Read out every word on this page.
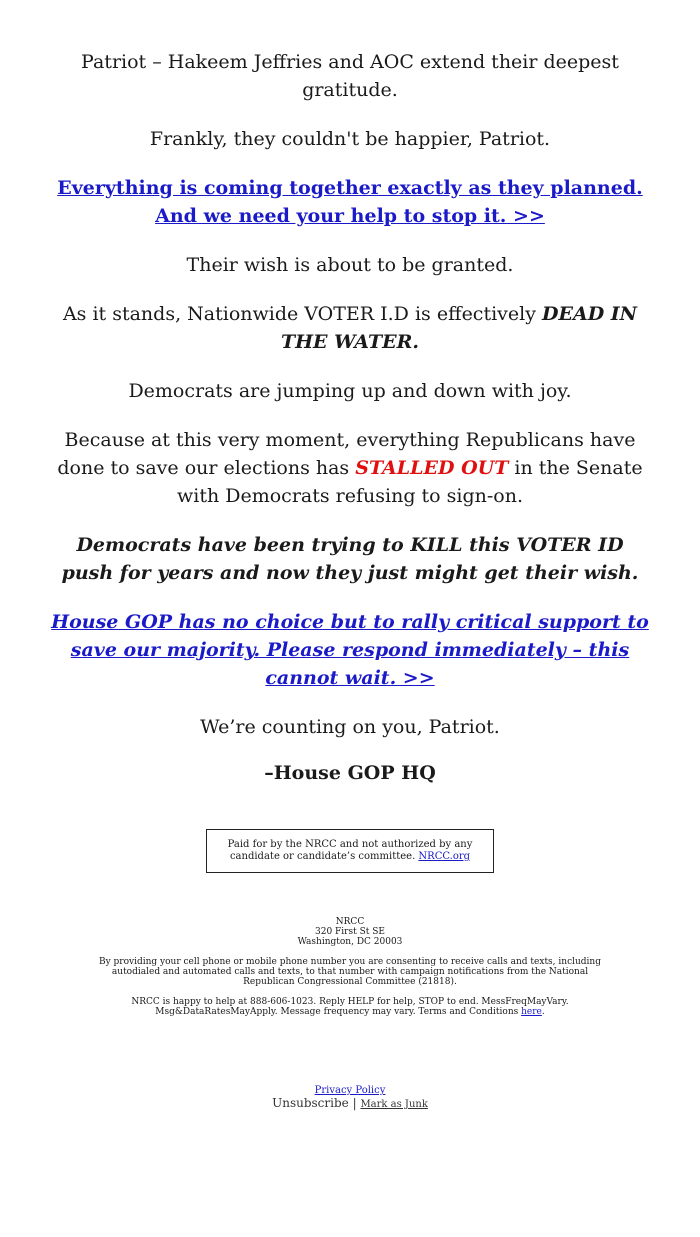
Patriot – Hakeem Jeffries and AOC extend their deepest gratitude.

Frankly, they couldn't be happier, Patriot.

Everything is coming together exactly as they planned. And we need your help to stop it. >>

Their wish is about to be granted.

As it stands, Nationwide VOTER I.D is effectively DEAD IN THE WATER.

Democrats are jumping up and down with joy.

Because at this very moment, everything Republicans have done to save our elections has STALLED OUT in the Senate with Democrats refusing to sign-on.

Democrats have been trying to KILL this VOTER ID push for years and now they just might get their wish.

House GOP has no choice but to rally critical support to save our majority. Please respond immediately – this cannot wait. >>

We’re counting on you, Patriot.

–House GOP HQ

Paid for by the NRCC and not authorized by any candidate or candidate’s committee. NRCC.org
NRCC
320 First St SE
Washington, DC 20003
By providing your cell phone or mobile phone number you are consenting to receive calls and texts, including autodialed and automated calls and texts, to that number with campaign notifications from the National Republican Congressional Committee (21818).
NRCC is happy to help at 888-606-1023. Reply HELP for help, STOP to end. MessFreqMayVary. Msg&DataRatesMayApply. Message frequency may vary. Terms and Conditions here.
Privacy Policy
Unsubscribe | Mark as Junk
